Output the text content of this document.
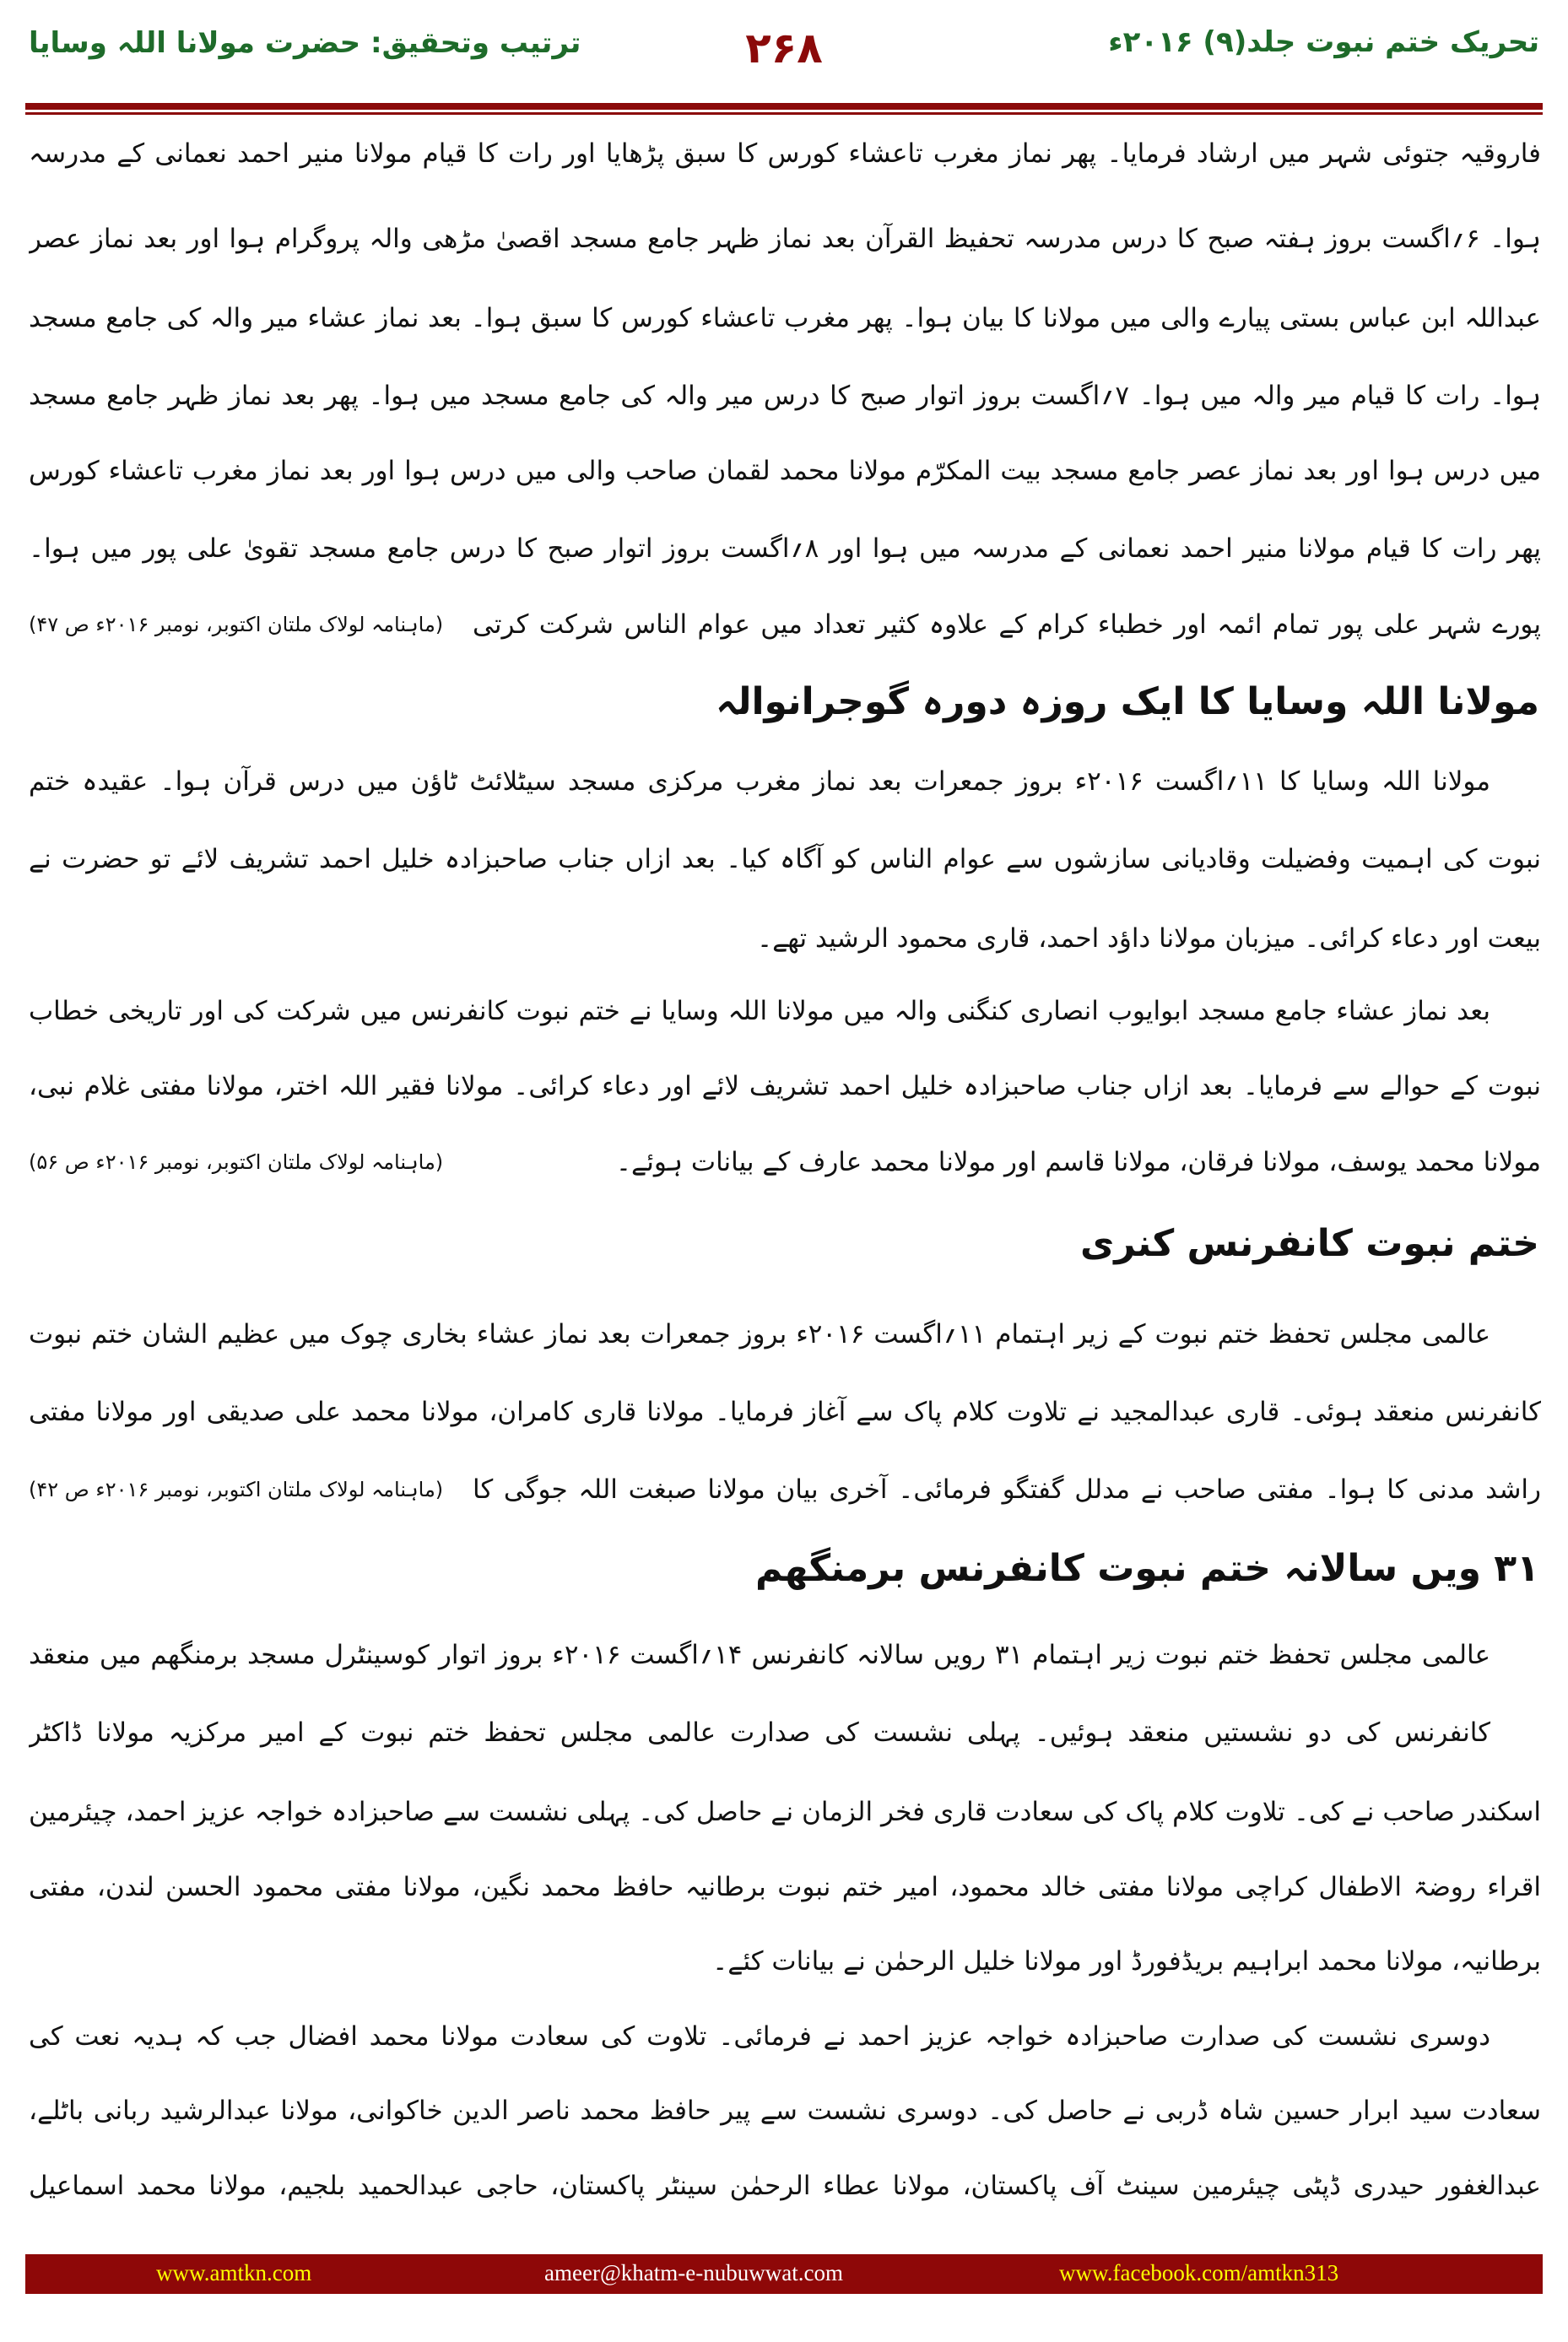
تحریک ختم نبوت جلد(۹) ۲۰۱۶ء
۲۶۸
ترتیب وتحقیق: حضرت مولانا اللہ وسایا
فاروقیہ جتوئی شہر میں ارشاد فرمایا۔ پھر نماز مغرب تاعشاء کورس کا سبق پڑھایا اور رات کا قیام مولانا منیر احمد نعمانی کے مدرسہ
ہوا۔ ۶؍اگست بروز ہفتہ صبح کا درس مدرسہ تحفیظ القرآن بعد نماز ظہر جامع مسجد اقصیٰ مڑھی والہ پروگرام ہوا اور بعد نماز عصر
عبداللہ ابن عباس بستی پیارے والی میں مولانا کا بیان ہوا۔ پھر مغرب تاعشاء کورس کا سبق ہوا۔ بعد نماز عشاء میر والہ کی جامع مسجد
ہوا۔ رات کا قیام میر والہ میں ہوا۔ ۷؍اگست بروز اتوار صبح کا درس میر والہ کی جامع مسجد میں ہوا۔ پھر بعد نماز ظہر جامع مسجد
میں درس ہوا اور بعد نماز عصر جامع مسجد بیت المکرّم مولانا محمد لقمان صاحب والی میں درس ہوا اور بعد نماز مغرب تاعشاء کورس
پھر رات کا قیام مولانا منیر احمد نعمانی کے مدرسہ میں ہوا اور ۸؍اگست بروز اتوار صبح کا درس جامع مسجد تقویٰ علی پور میں ہوا۔
پورے شہر علی پور تمام ائمہ اور خطباء کرام کے علاوہ کثیر تعداد میں عوام الناس شرکت کرتی
(ماہنامہ لولاک ملتان اکتوبر، نومبر ۲۰۱۶ء ص ۴۷)
مولانا اللہ وسایا کا ایک روزہ دورہ گوجرانوالہ
مولانا اللہ وسایا کا ۱۱؍اگست ۲۰۱۶ء بروز جمعرات بعد نماز مغرب مرکزی مسجد سیٹلائٹ ٹاؤن میں درس قرآن ہوا۔ عقیدہ ختم
نبوت کی اہمیت وفضیلت وقادیانی سازشوں سے عوام الناس کو آگاہ کیا۔ بعد ازاں جناب صاحبزادہ خلیل احمد تشریف لائے تو حضرت نے
بیعت اور دعاء کرائی۔ میزبان مولانا داؤد احمد، قاری محمود الرشید تھے۔
بعد نماز عشاء جامع مسجد ابوایوب انصاری کنگنی والہ میں مولانا اللہ وسایا نے ختم نبوت کانفرنس میں شرکت کی اور تاریخی خطاب
نبوت کے حوالے سے فرمایا۔ بعد ازاں جناب صاحبزادہ خلیل احمد تشریف لائے اور دعاء کرائی۔ مولانا فقیر اللہ اختر، مولانا مفتی غلام نبی،
مولانا محمد یوسف، مولانا فرقان، مولانا قاسم اور مولانا محمد عارف کے بیانات ہوئے۔
(ماہنامہ لولاک ملتان اکتوبر، نومبر ۲۰۱۶ء ص ۵۶)
ختم نبوت کانفرنس کنری
عالمی مجلس تحفظ ختم نبوت کے زیر اہتمام ۱۱؍اگست ۲۰۱۶ء بروز جمعرات بعد نماز عشاء بخاری چوک میں عظیم الشان ختم نبوت
کانفرنس منعقد ہوئی۔ قاری عبدالمجید نے تلاوت کلام پاک سے آغاز فرمایا۔ مولانا قاری کامران، مولانا محمد علی صدیقی اور مولانا مفتی
راشد مدنی کا ہوا۔ مفتی صاحب نے مدلل گفتگو فرمائی۔ آخری بیان مولانا صبغت اللہ جوگی کا
(ماہنامہ لولاک ملتان اکتوبر، نومبر ۲۰۱۶ء ص ۴۲)
۳۱ ویں سالانہ ختم نبوت کانفرنس برمنگھم
عالمی مجلس تحفظ ختم نبوت زیر اہتمام ۳۱ رویں سالانہ کانفرنس ۱۴؍اگست ۲۰۱۶ء بروز اتوار کوسینٹرل مسجد برمنگھم میں منعقد
کانفرنس کی دو نشستیں منعقد ہوئیں۔ پہلی نشست کی صدارت عالمی مجلس تحفظ ختم نبوت کے امیر مرکزیہ مولانا ڈاکٹر
اسکندر صاحب نے کی۔ تلاوت کلام پاک کی سعادت قاری فخر الزمان نے حاصل کی۔ پہلی نشست سے صاحبزادہ خواجہ عزیز احمد، چیئرمین
اقراء روضۃ الاطفال کراچی مولانا مفتی خالد محمود، امیر ختم نبوت برطانیہ حافظ محمد نگین، مولانا مفتی محمود الحسن لندن، مفتی
برطانیہ، مولانا محمد ابراہیم بریڈفورڈ اور مولانا خلیل الرحمٰن نے بیانات کئے۔
دوسری نشست کی صدارت صاحبزادہ خواجہ عزیز احمد نے فرمائی۔ تلاوت کی سعادت مولانا محمد افضال جب کہ ہدیہ نعت کی
سعادت سید ابرار حسین شاہ ڈربی نے حاصل کی۔ دوسری نشست سے پیر حافظ محمد ناصر الدین خاکوانی، مولانا عبدالرشید ربانی باٹلے،
عبدالغفور حیدری ڈپٹی چیئرمین سینٹ آف پاکستان، مولانا عطاء الرحمٰن سینٹر پاکستان، حاجی عبدالحمید بلجیم، مولانا محمد اسماعیل
www.amtkn.com	ameer@khatm-e-nubuwwat.com	www.facebook.com/amtkn313
